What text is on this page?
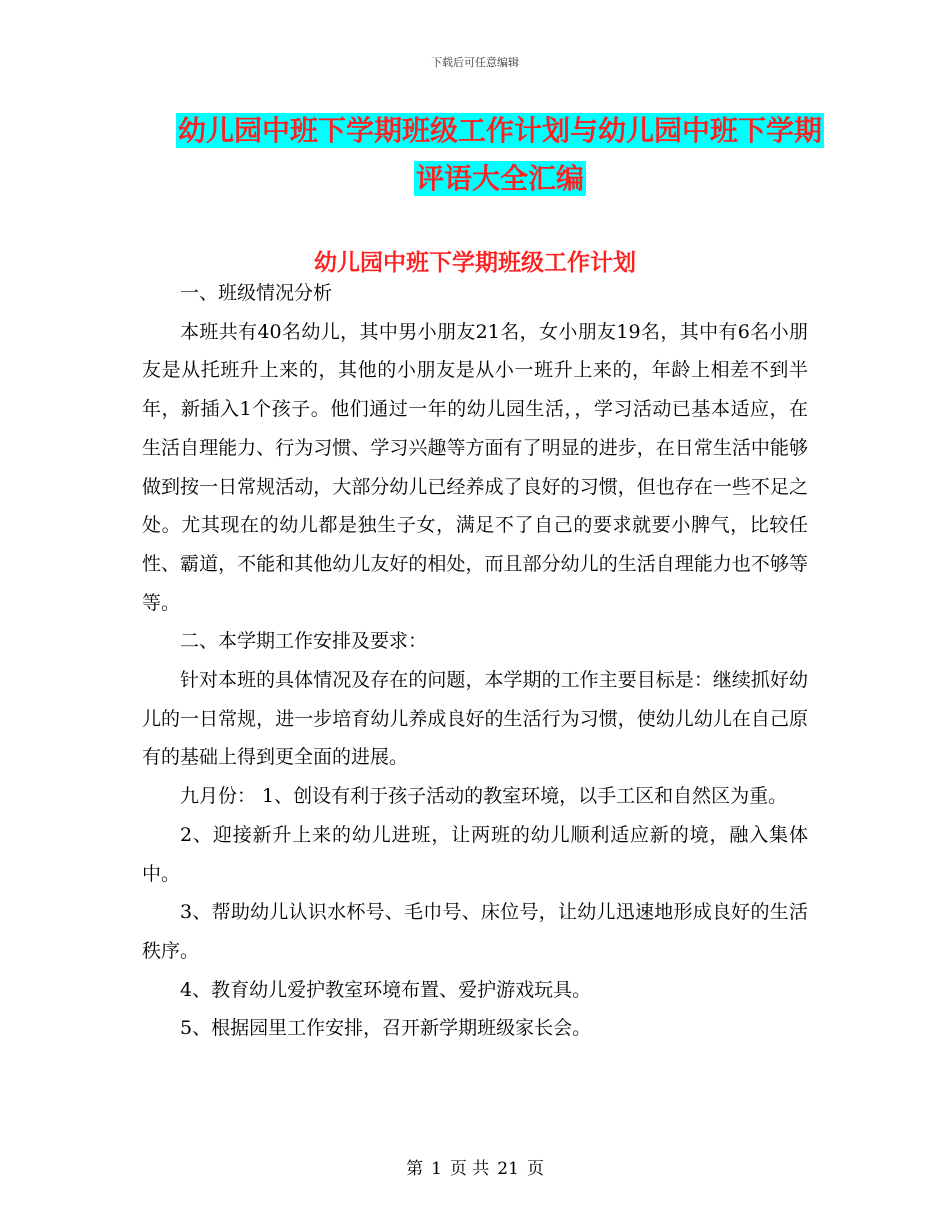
下载后可任意编辑
幼儿园中班下学期班级工作计划与幼儿园中班下学期评语大全汇编
幼儿园中班下学期班级工作计划

一、班级情况分析

本班共有40名幼儿，其中男小朋友21名，女小朋友19名，其中有6名小朋友是从托班升上来的，其他的小朋友是从小一班升上来的，年龄上相差不到半年，新插入1个孩子。他们通过一年的幼儿园生活，，学习活动已基本适应，在生活自理能力、行为习惯、学习兴趣等方面有了明显的进步，在日常生活中能够做到按一日常规活动，大部分幼儿已经养成了良好的习惯，但也存在一些不足之处。尤其现在的幼儿都是独生子女，满足不了自己的要求就要小脾气，比较任性、霸道，不能和其他幼儿友好的相处，而且部分幼儿的生活自理能力也不够等等。

二、本学期工作安排及要求：

针对本班的具体情况及存在的问题，本学期的工作主要目标是：继续抓好幼儿的一日常规，进一步培育幼儿养成良好的生活行为习惯，使幼儿幼儿在自己原有的基础上得到更全面的进展。

九月份： 1、创设有利于孩子活动的教室环境，以手工区和自然区为重。

2、迎接新升上来的幼儿进班，让两班的幼儿顺利适应新的境，融入集体中。

3、帮助幼儿认识水杯号、毛巾号、床位号，让幼儿迅速地形成良好的生活秩序。

4、教育幼儿爱护教室环境布置、爱护游戏玩具。

5、根据园里工作安排，召开新学期班级家长会。

第 1 页 共 21 页
